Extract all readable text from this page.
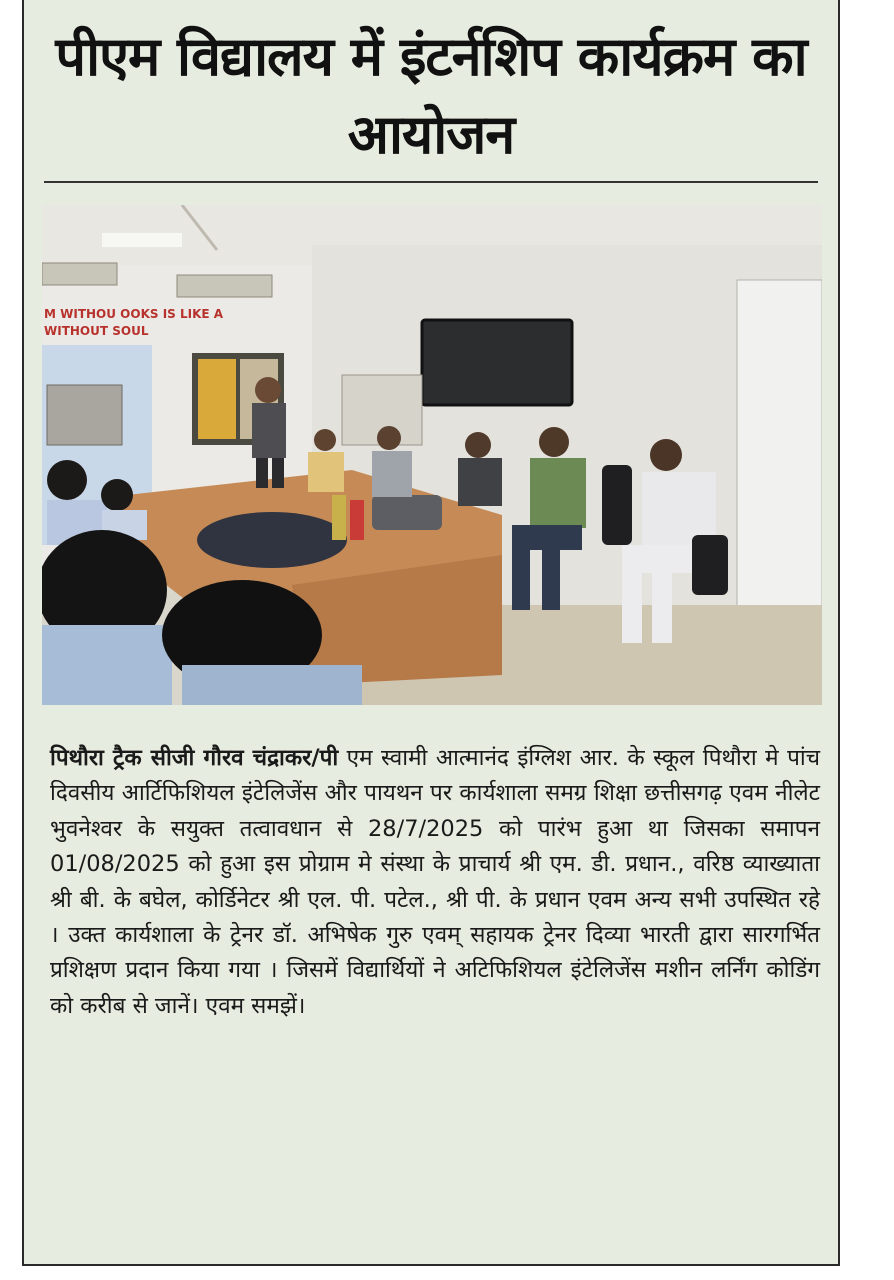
पीएम विद्यालय में इंटर्नशिप कार्यक्रम का आयोजन
M WITHOU OOKS IS LIKE A
WITHOUT SOUL
पिथौरा ट्रैक सीजी गौरव चंद्राकर/पी एम स्वामी आत्मानंद इंग्लिश आर. के स्कूल पिथौरा मे पांच दिवसीय आर्टिफिशियल इंटेलिजेंस और पायथन पर कार्यशाला समग्र शिक्षा छत्तीसगढ़ एवम नीलेट भुवनेश्वर के सयुक्त तत्वावधान से 28/7/2025 को पारंभ हुआ था जिसका समापन 01/08/2025 को हुआ इस प्रोग्राम मे संस्था के प्राचार्य श्री एम. डी. प्रधान., वरिष्ठ व्याख्याता श्री बी. के बघेल, कोर्डिनेटर श्री एल. पी. पटेल., श्री पी. के प्रधान एवम अन्य सभी उपस्थित रहे । उक्त कार्यशाला के ट्रेनर डॉ. अभिषेक गुरु एवम् सहायक ट्रेनर दिव्या भारती द्वारा सारगर्भित प्रशिक्षण प्रदान किया गया । जिसमें विद्यार्थियों ने अटिफिशियल इंटेलिजेंस मशीन लर्निंग कोडिंग को करीब से जानें। एवम समझें।
